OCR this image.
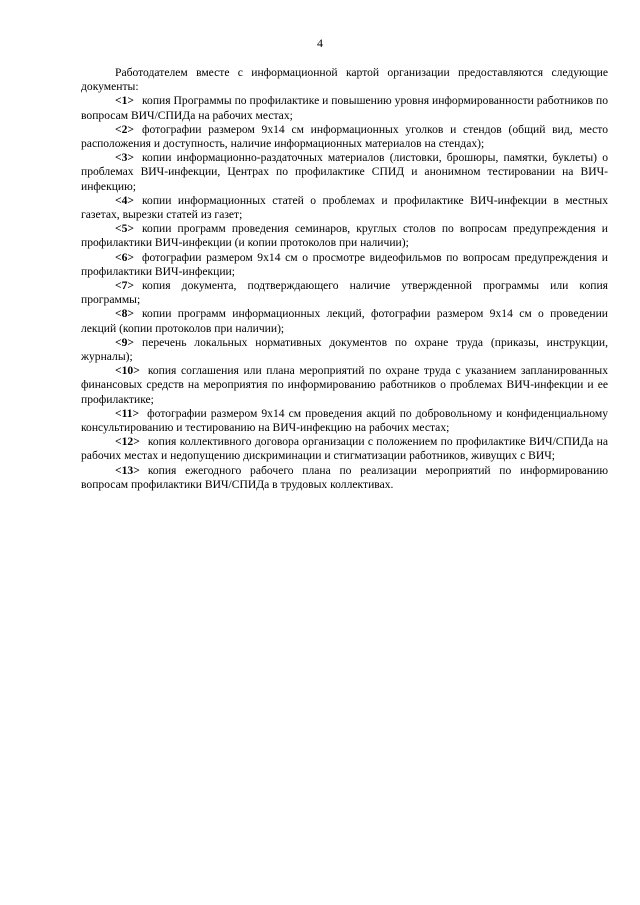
4

Работодателем вместе с информационной картой организации предоставляются следующие документы:

<1> копия Программы по профилактике и повышению уровня информированности работников по вопросам ВИЧ/СПИДа на рабочих местах;

<2> фотографии размером 9х14 см информационных уголков и стендов (общий вид, место расположения и доступность, наличие информационных материалов на стендах);

<3> копии информационно-раздаточных материалов (листовки, брошюры, памятки, буклеты) о проблемах ВИЧ-инфекции, Центрах по профилактике СПИД и анонимном тестировании на ВИЧ-инфекцию;

<4> копии информационных статей о проблемах и профилактике ВИЧ-инфекции в местных газетах, вырезки статей из газет;

<5> копии программ проведения семинаров, круглых столов по вопросам предупреждения и профилактики ВИЧ-инфекции (и копии протоколов при наличии);

<6> фотографии размером 9х14 см о просмотре видеофильмов по вопросам предупреждения и профилактики ВИЧ-инфекции;

<7> копия документа, подтверждающего наличие утвержденной программы или копия программы;

<8> копии программ информационных лекций, фотографии размером 9х14 см о проведении лекций (копии протоколов при наличии);

<9> перечень локальных нормативных документов по охране труда (приказы, инструкции, журналы);

<10> копия соглашения или плана мероприятий по охране труда с указанием запланированных финансовых средств на мероприятия по информированию работников о проблемах ВИЧ-инфекции и ее профилактике;

<11> фотографии размером 9х14 см проведения акций по добровольному и конфиденциальному консультированию и тестированию на ВИЧ-инфекцию на рабочих местах;

<12> копия коллективного договора организации с положением по профилактике ВИЧ/СПИДа на рабочих местах и недопущению дискриминации и стигматизации работников, живущих с ВИЧ;

<13> копия ежегодного рабочего плана по реализации мероприятий по информированию вопросам профилактики ВИЧ/СПИДа в трудовых коллективах.
